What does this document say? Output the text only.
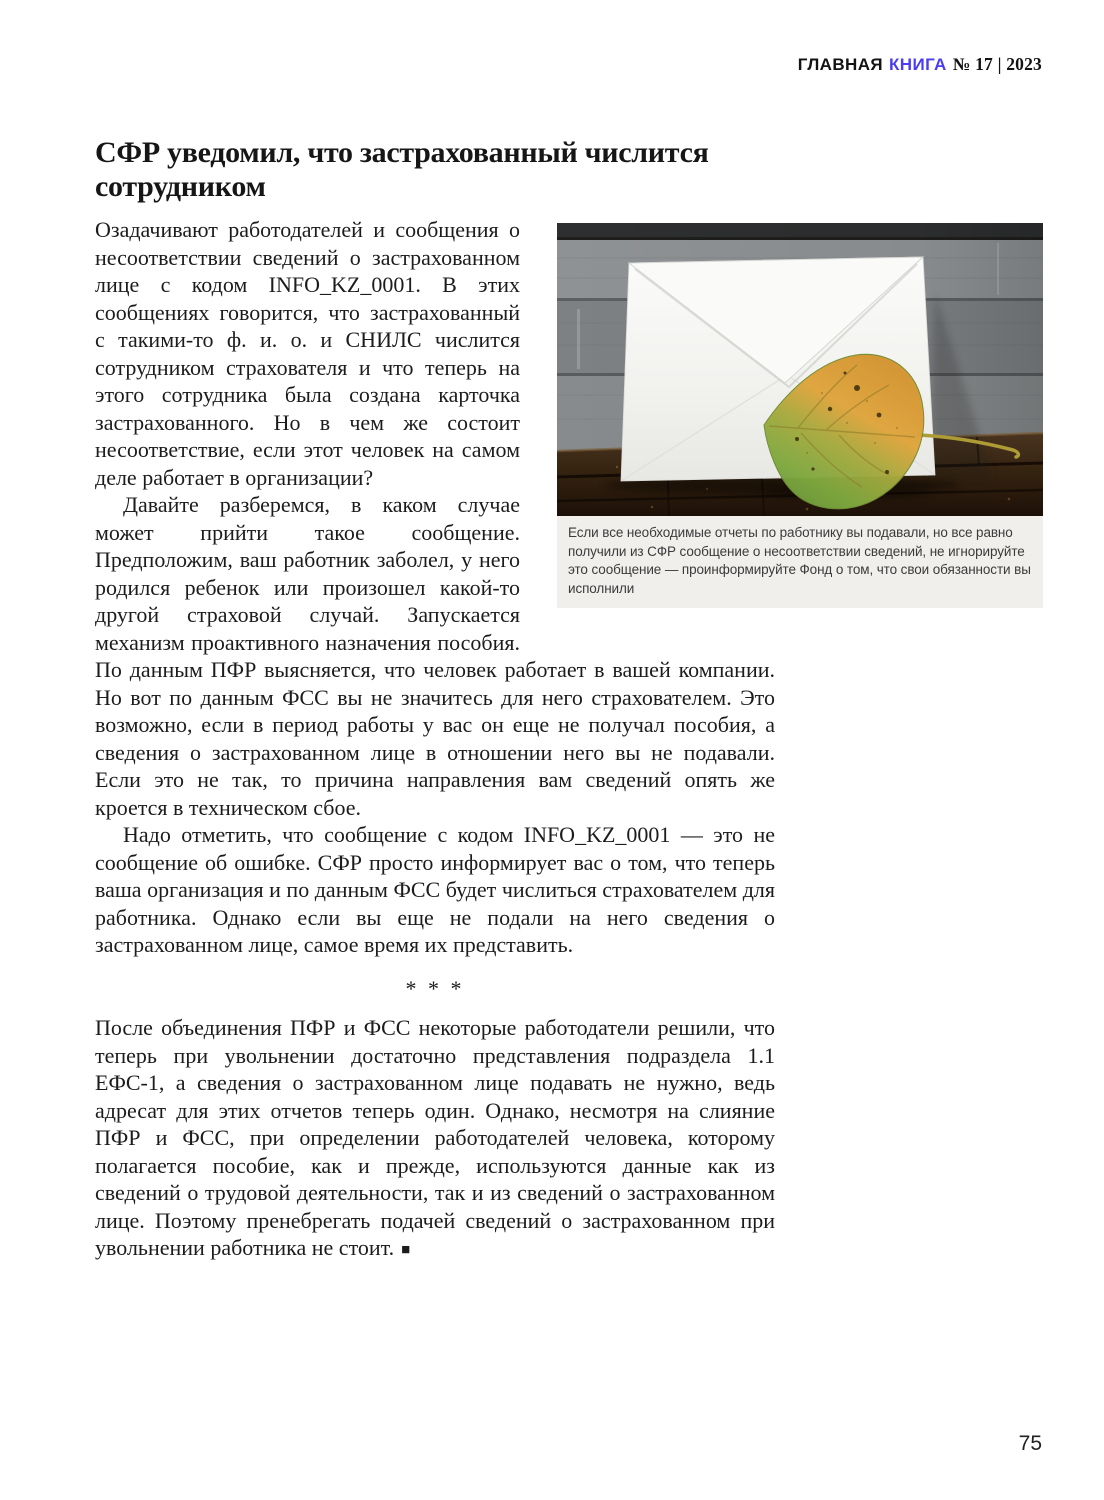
ГЛАВНАЯ КНИГА № 17 | 2023
СФР уведомил, что застрахованный числится сотрудником
Если все необходимые отчеты по работнику вы подавали, но все равно получили из СФР сообщение о несоответствии сведений, не игнорируйте это сообщение — проинформируйте Фонд о том, что свои обязанности вы исполнили

Озадачивают работодателей и сообщения о несоответствии сведений о застрахованном лице с кодом INFO_KZ_0001. В этих сообщениях говорится, что застрахованный с такими-то ф. и. о. и СНИЛС числится сотрудником страхователя и что теперь на этого сотрудника была создана карточка застрахованного. Но в чем же состоит несоответствие, если этот человек на самом деле работает в организации?

Давайте разберемся, в каком случае может прийти такое сообщение. Предположим, ваш работник заболел, у него родился ребенок или произошел какой-то другой страховой случай. Запускается механизм проактивного назначения пособия. По данным ПФР выясняется, что человек работает в вашей компании. Но вот по данным ФСС вы не значитесь для него страхователем. Это возможно, если в период работы у вас он еще не получал пособия, а сведения о застрахованном лице в отношении него вы не подавали. Если это не так, то причина направления вам сведений опять же кроется в техническом сбое.

Надо отметить, что сообщение с кодом INFO_KZ_0001 — это не сообщение об ошибке. СФР просто информирует вас о том, что теперь ваша организация и по данным ФСС будет числиться страхователем для работника. Однако если вы еще не подали на него сведения о застрахованном лице, самое время их представить.

* * *

После объединения ПФР и ФСС некоторые работодатели решили, что теперь при увольнении достаточно представления подраздела 1.1 ЕФС-1, а сведения о застрахованном лице подавать не нужно, ведь адресат для этих отчетов теперь один. Однако, несмотря на слияние ПФР и ФСС, при определении работодателей человека, которому полагается пособие, как и прежде, используются данные как из сведений о трудовой деятельности, так и из сведений о застрахованном лице. Поэтому пренебрегать подачей сведений о застрахованном при увольнении работника не стоит. ■

75
